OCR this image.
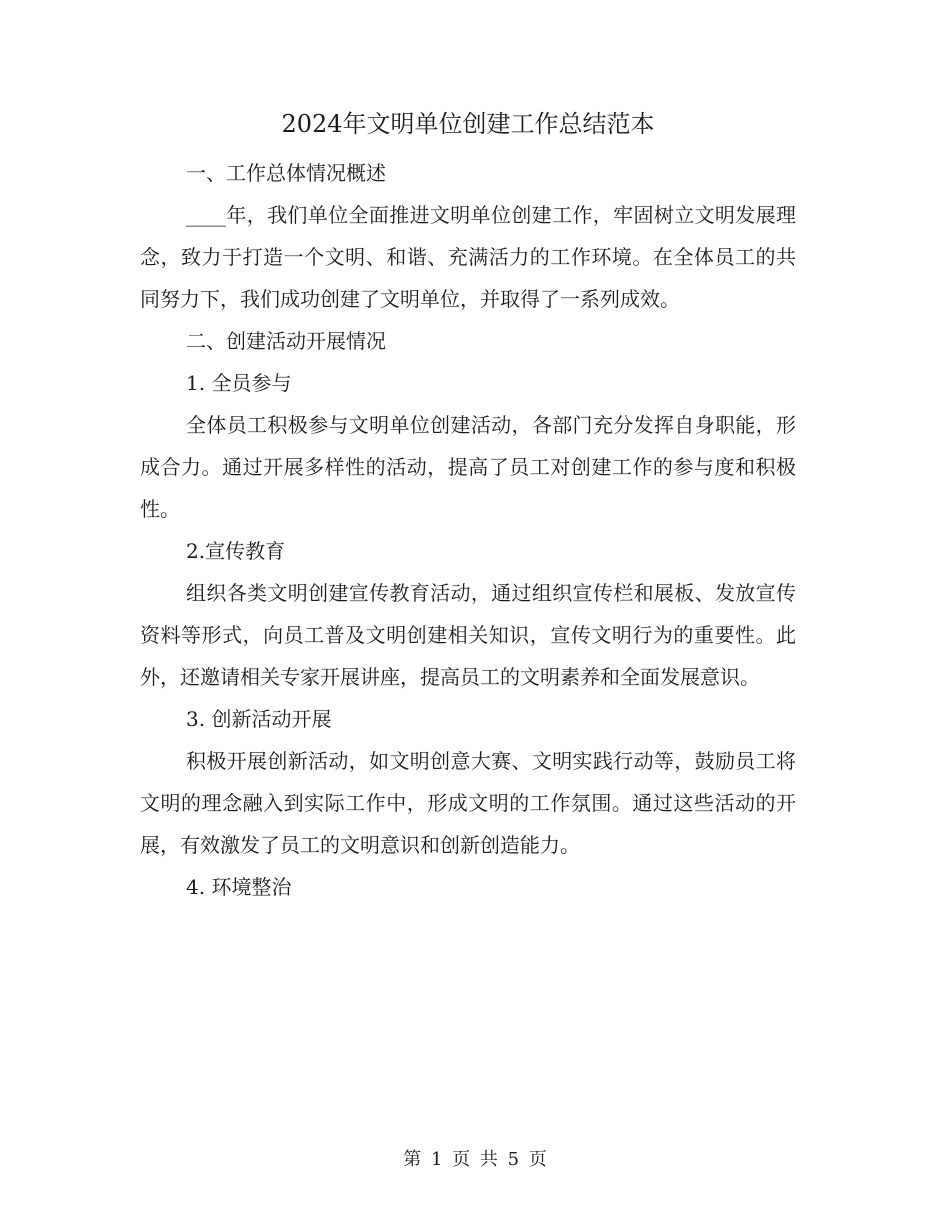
2024年文明单位创建工作总结范本

一、工作总体情况概述

____年，我们单位全面推进文明单位创建工作，牢固树立文明发展理念，致力于打造一个文明、和谐、充满活力的工作环境。在全体员工的共同努力下，我们成功创建了文明单位，并取得了一系列成效。

二、创建活动开展情况

1. 全员参与

全体员工积极参与文明单位创建活动，各部门充分发挥自身职能，形成合力。通过开展多样性的活动，提高了员工对创建工作的参与度和积极性。

2.宣传教育

组织各类文明创建宣传教育活动，通过组织宣传栏和展板、发放宣传资料等形式，向员工普及文明创建相关知识，宣传文明行为的重要性。此外，还邀请相关专家开展讲座，提高员工的文明素养和全面发展意识。

3. 创新活动开展

积极开展创新活动，如文明创意大赛、文明实践行动等，鼓励员工将文明的理念融入到实际工作中，形成文明的工作氛围。通过这些活动的开展，有效激发了员工的文明意识和创新创造能力。

4. 环境整治

第 1 页 共 5 页
